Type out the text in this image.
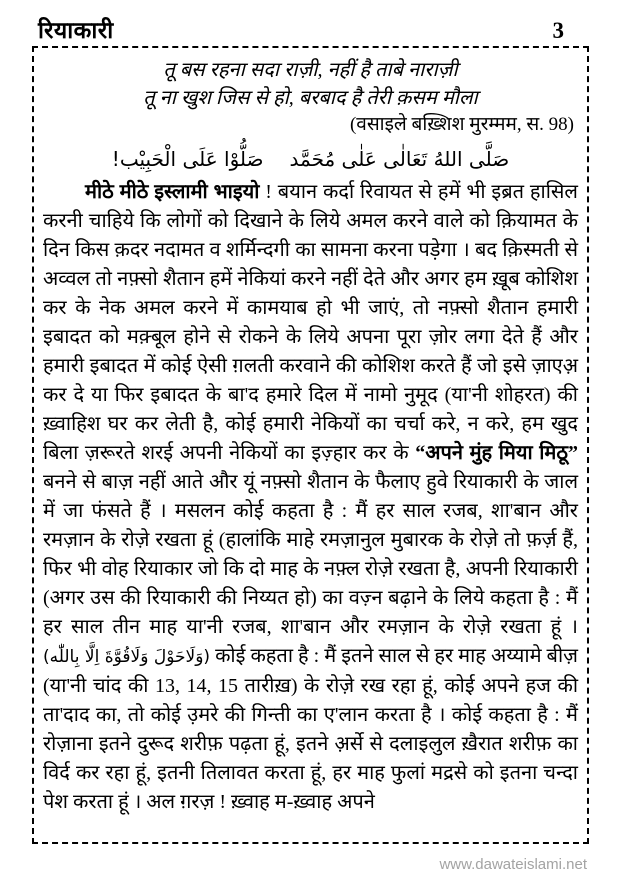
रियाकारी	3
तू बस रहना सदा राज़ी, नहीं है ताबे नाराज़ी
तू ना खुश जिस से हो, बरबाद है तेरी क़सम मौला
(वसाइले बख़्शिश मुरम्मम, स. 98)
صَلُّوْا عَلَى الْحَبِيْب! صَلَّى اللهُ تَعَالٰى عَلٰى مُحَمَّد

मीठे मीठे इस्लामी भाइयो ! बयान कर्दा रिवायत से हमें भी इब्रत हासिल करनी चाहिये कि लोगों को दिखाने के लिये अमल करने वाले को क़ियामत के दिन किस क़दर नदामत व शर्मिन्दगी का सामना करना पड़ेगा । बद क़िस्मती से अव्वल तो नफ़्सो शैतान हमें नेकियां करने नहीं देते और अगर हम ख़ूब कोशिश कर के नेक अमल करने में कामयाब हो भी जाएं, तो नफ़्सो शैतान हमारी इबादत को मक़्बूल होने से रोकने के लिये अपना पूरा ज़ोर लगा देते हैं और हमारी इबादत में कोई ऐसी ग़लती करवाने की कोशिश करते हैं जो इसे ज़ाएअ़ कर दे या फिर इबादत के बा'द हमारे दिल में नामो नुमूद (या'नी शोहरत) की ख़्वाहिश घर कर लेती है, कोई हमारी नेकियों का चर्चा करे, न करे, हम खुद बिला ज़रूरते शरई अपनी नेकियों का इज़्हार कर के “अपने मुंह मिया मिठू” बनने से बाज़ नहीं आते और यूं नफ़्सो शैतान के फैलाए हुवे रियाकारी के जाल में जा फंसते हैं । मसलन कोई कहता है : मैं हर साल रजब, शा'बान और रमज़ान के रोज़े रखता हूं (हालांकि माहे रमज़ानुल मुबारक के रोज़े तो फ़र्ज़ हैं, फिर भी वोह रियाकार जो कि दो माह के नफ़्ल रोज़े रखता है, अपनी रियाकारी (अगर उस की रियाकारी की निय्यत हो) का वज़्न बढ़ाने के लिये कहता है : मैं हर साल तीन माह या'नी रजब, शा'बान और रमज़ान के रोज़े रखता हूं । (وَلَاحَوْلَ وَلَاقُوَّةَ اِلَّا بِاللّٰه) कोई कहता है : मैं इतने साल से हर माह अय्यामे बीज़ (या'नी चांद की 13, 14, 15 तारीख़) के रोज़े रख रहा हूं, कोई अपने हज की ता'दाद का, तो कोई उ़मरे की गिन्ती का ए'लान करता है । कोई कहता है : मैं रोज़ाना इतने दुरूद शरीफ़ पढ़ता हूं, इतने अ़र्से से दलाइलुल ख़ैरात शरीफ़ का विर्द कर रहा हूं, इतनी तिलावत करता हूं, हर माह फुलां मद्रसे को इतना चन्दा पेश करता हूं । अल ग़रज़ ! ख़्वाह म-ख़्वाह अपने

www.dawateislami.net
